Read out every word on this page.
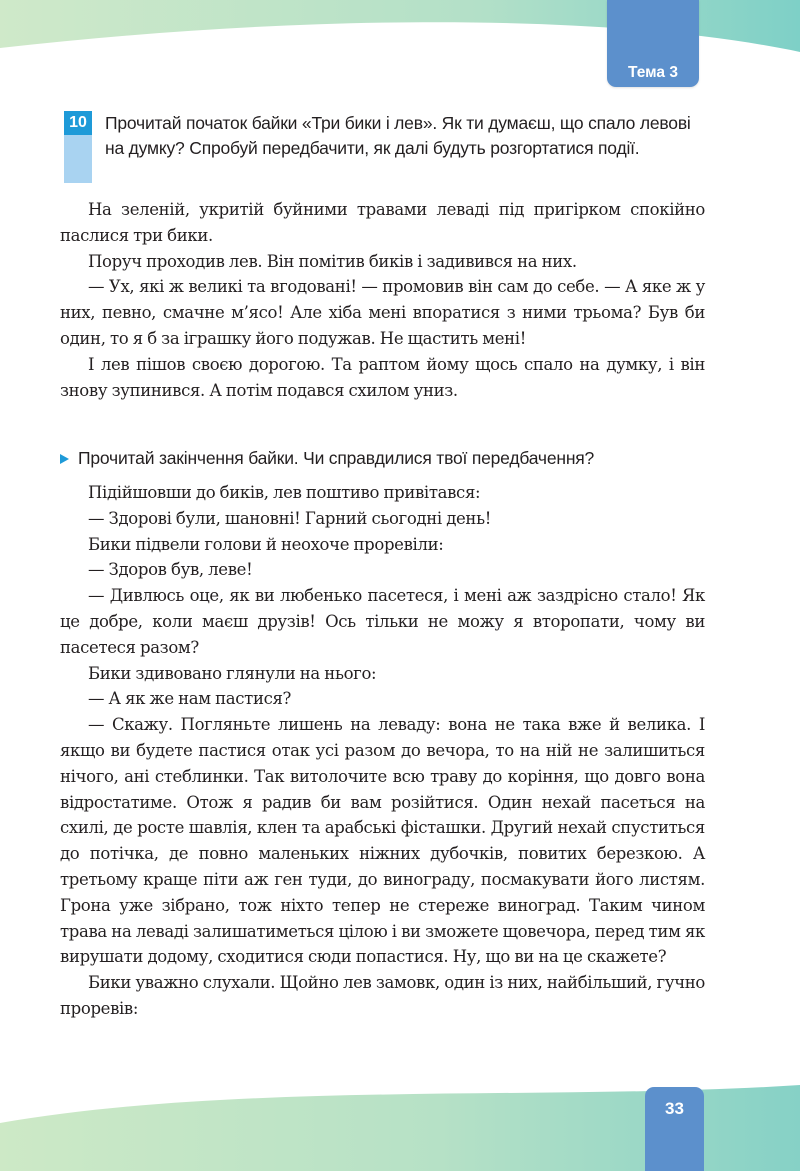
Тема 3
10 Прочитай початок байки «Три бики і лев». Як ти думаєш, що спало левові на думку? Спробуй передбачити, як далі будуть розгортатися події.

На зеленій, укритій буйними травами леваді під пригірком спокійно паслися три бики.

Поруч проходив лев. Він помітив биків і задивився на них.

— Ух, які ж великі та вгодовані! — промовив він сам до себе. — А яке ж у них, певно, смачне м’ясо! Але хіба мені впоратися з ними трьома? Був би один, то я б за іграшку його подужав. Не щастить мені!

І лев пішов своєю дорогою. Та раптом йому щось спало на думку, і він знову зупинився. А потім подався схилом униз.

Прочитай закінчення байки. Чи справдилися твої передбачення?

Підійшовши до биків, лев поштиво привітався:

— Здорові були, шановні! Гарний сьогодні день!

Бики підвели голови й неохоче проревіли:

— Здоров був, леве!

— Дивлюсь оце, як ви любенько пасетеся, і мені аж заздрісно стало! Як це добре, коли маєш друзів! Ось тільки не можу я второпати, чому ви пасетеся разом?

Бики здивовано глянули на нього:

— А як же нам пастися?

— Скажу. Погляньте лишень на леваду: вона не така вже й велика. І якщо ви будете пастися отак усі разом до вечора, то на ній не залишиться нічого, ані стеблинки. Так витолочите всю траву до коріння, що довго вона відростатиме. Отож я радив би вам розійтися. Один нехай пасеться на схилі, де росте шавлія, клен та арабські фісташки. Другий нехай спуститься до потічка, де повно маленьких ніжних дубочків, повитих березкою. А третьому краще піти аж ген туди, до винограду, посмакувати його листям. Грона уже зібрано, тож ніхто тепер не стереже виноград. Таким чином трава на леваді залишатиметься цілою і ви зможете щовечора, перед тим як вирушати додому, сходитися сюди попастися. Ну, що ви на це скажете?

Бики уважно слухали. Щойно лев замовк, один із них, найбільший, гучно проревів:

33
